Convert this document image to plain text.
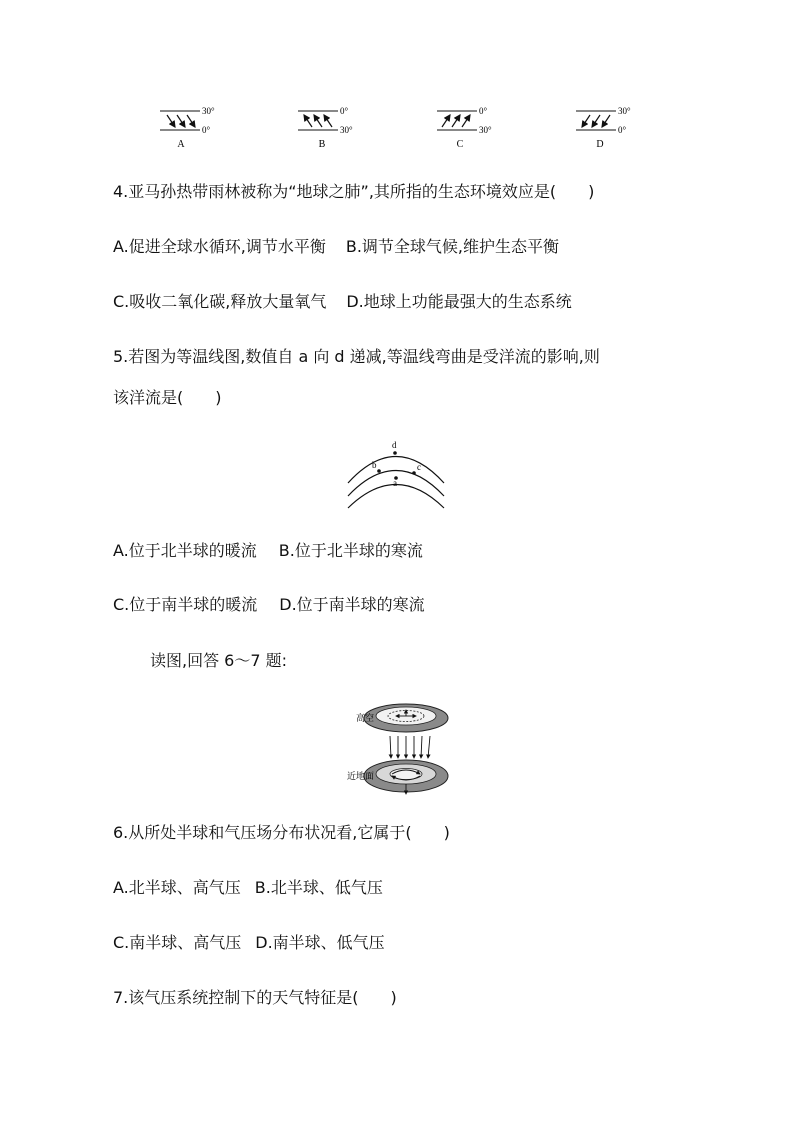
30°
0°
A
0°
30°
B
0°
30°
C
30°
0°
D
4.亚马孙热带雨林被称为“地球之肺”,其所指的生态环境效应是(　　)
A.促进全球水循环,调节水平衡 B.调节全球气候,维护生态平衡
C.吸收二氧化碳,释放大量氧气 D.地球上功能最强大的生态系统
5.若图为等温线图,数值自 a 向 d 递减,等温线弯曲是受洋流的影响,则
该洋流是(　　)
d
b	c
a
A.位于北半球的暖流 B.位于北半球的寒流
C.位于南半球的暖流 D.位于南半球的寒流
读图,回答 6～7 题:
高空
近地面
6.从所处半球和气压场分布状况看,它属于(　　)
A.北半球、高气压 B.北半球、低气压
C.南半球、高气压 D.南半球、低气压
7.该气压系统控制下的天气特征是(　　)
